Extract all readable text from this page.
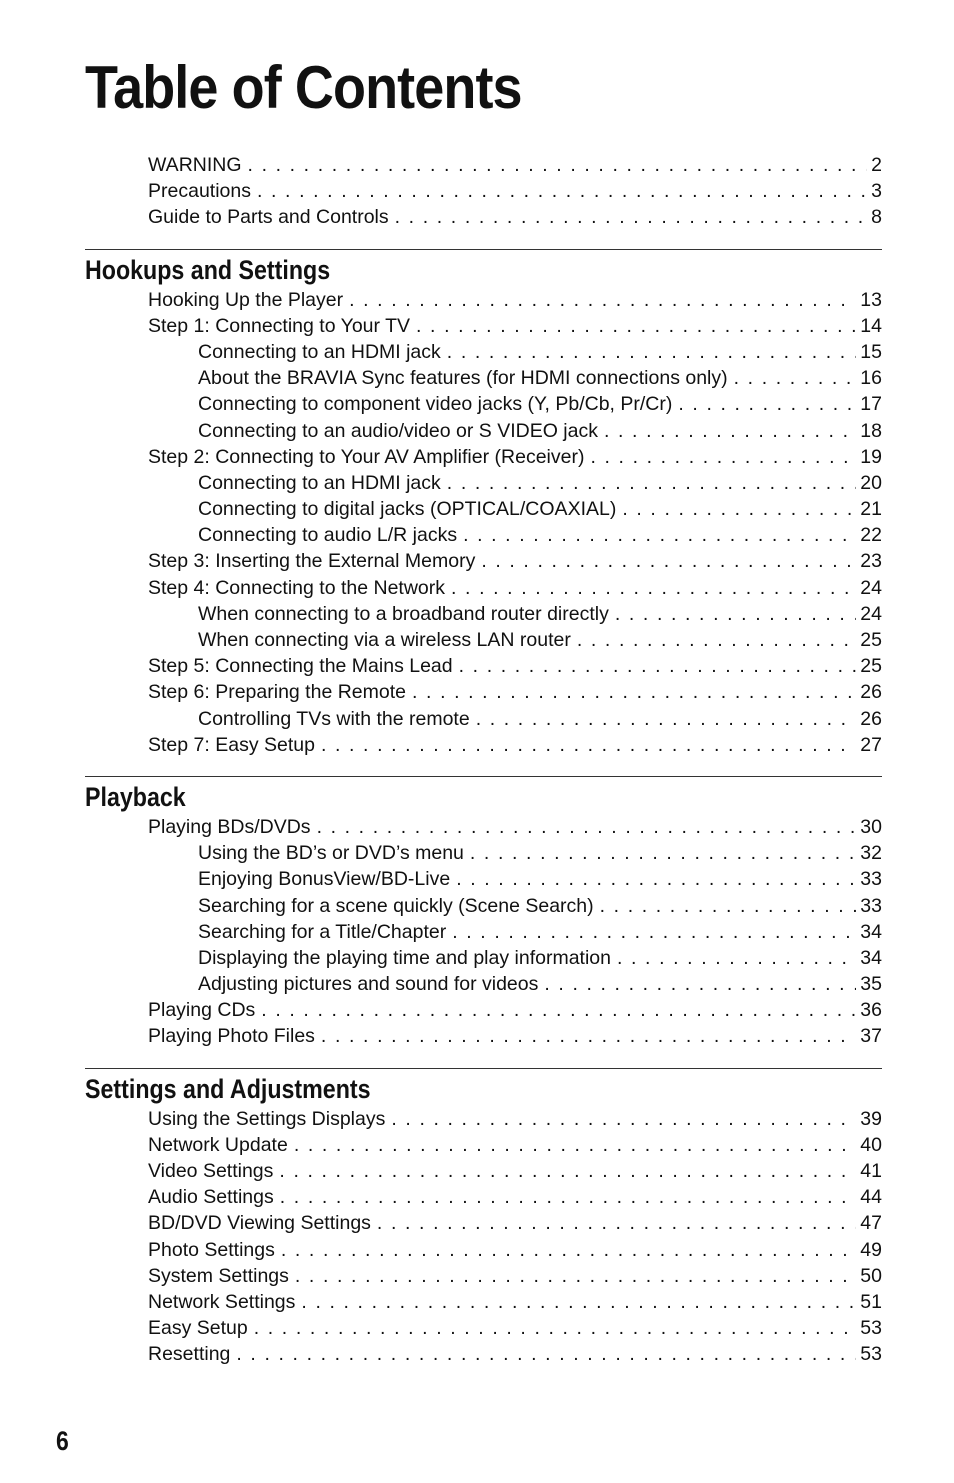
Table of Contents
WARNING . . .	2
Precautions . . .	3
Guide to Parts and Controls . . .	8
Hookups and Settings
Hooking Up the Player . . .	13
Step 1: Connecting to Your TV . . .	14
Connecting to an HDMI jack . . .	15
About the BRAVIA Sync features (for HDMI connections only) . . .	16
Connecting to component video jacks (Y, Pb/Cb, Pr/Cr) . . .	17
Connecting to an audio/video or S VIDEO jack . . .	18
Step 2: Connecting to Your AV Amplifier (Receiver) . . .	19
Connecting to an HDMI jack . . .	20
Connecting to digital jacks (OPTICAL/COAXIAL) . . .	21
Connecting to audio L/R jacks . . .	22
Step 3: Inserting the External Memory . . .	23
Step 4: Connecting to the Network . . .	24
When connecting to a broadband router directly . . .	24
When connecting via a wireless LAN router . . .	25
Step 5: Connecting the Mains Lead . . .	25
Step 6: Preparing the Remote . . .	26
Controlling TVs with the remote . . .	26
Step 7: Easy Setup . . .	27
Playback
Playing BDs/DVDs . . .	30
Using the BD’s or DVD’s menu . . .	32
Enjoying BonusView/BD-Live . . .	33
Searching for a scene quickly (Scene Search) . . .	33
Searching for a Title/Chapter . . .	34
Displaying the playing time and play information . . .	34
Adjusting pictures and sound for videos . . .	35
Playing CDs . . .	36
Playing Photo Files . . .	37
Settings and Adjustments
Using the Settings Displays . . .	39
Network Update . . .	40
Video Settings . . .	41
Audio Settings . . .	44
BD/DVD Viewing Settings . . .	47
Photo Settings . . .	49
System Settings . . .	50
Network Settings . . .	51
Easy Setup . . .	53
Resetting . . .	53
6
